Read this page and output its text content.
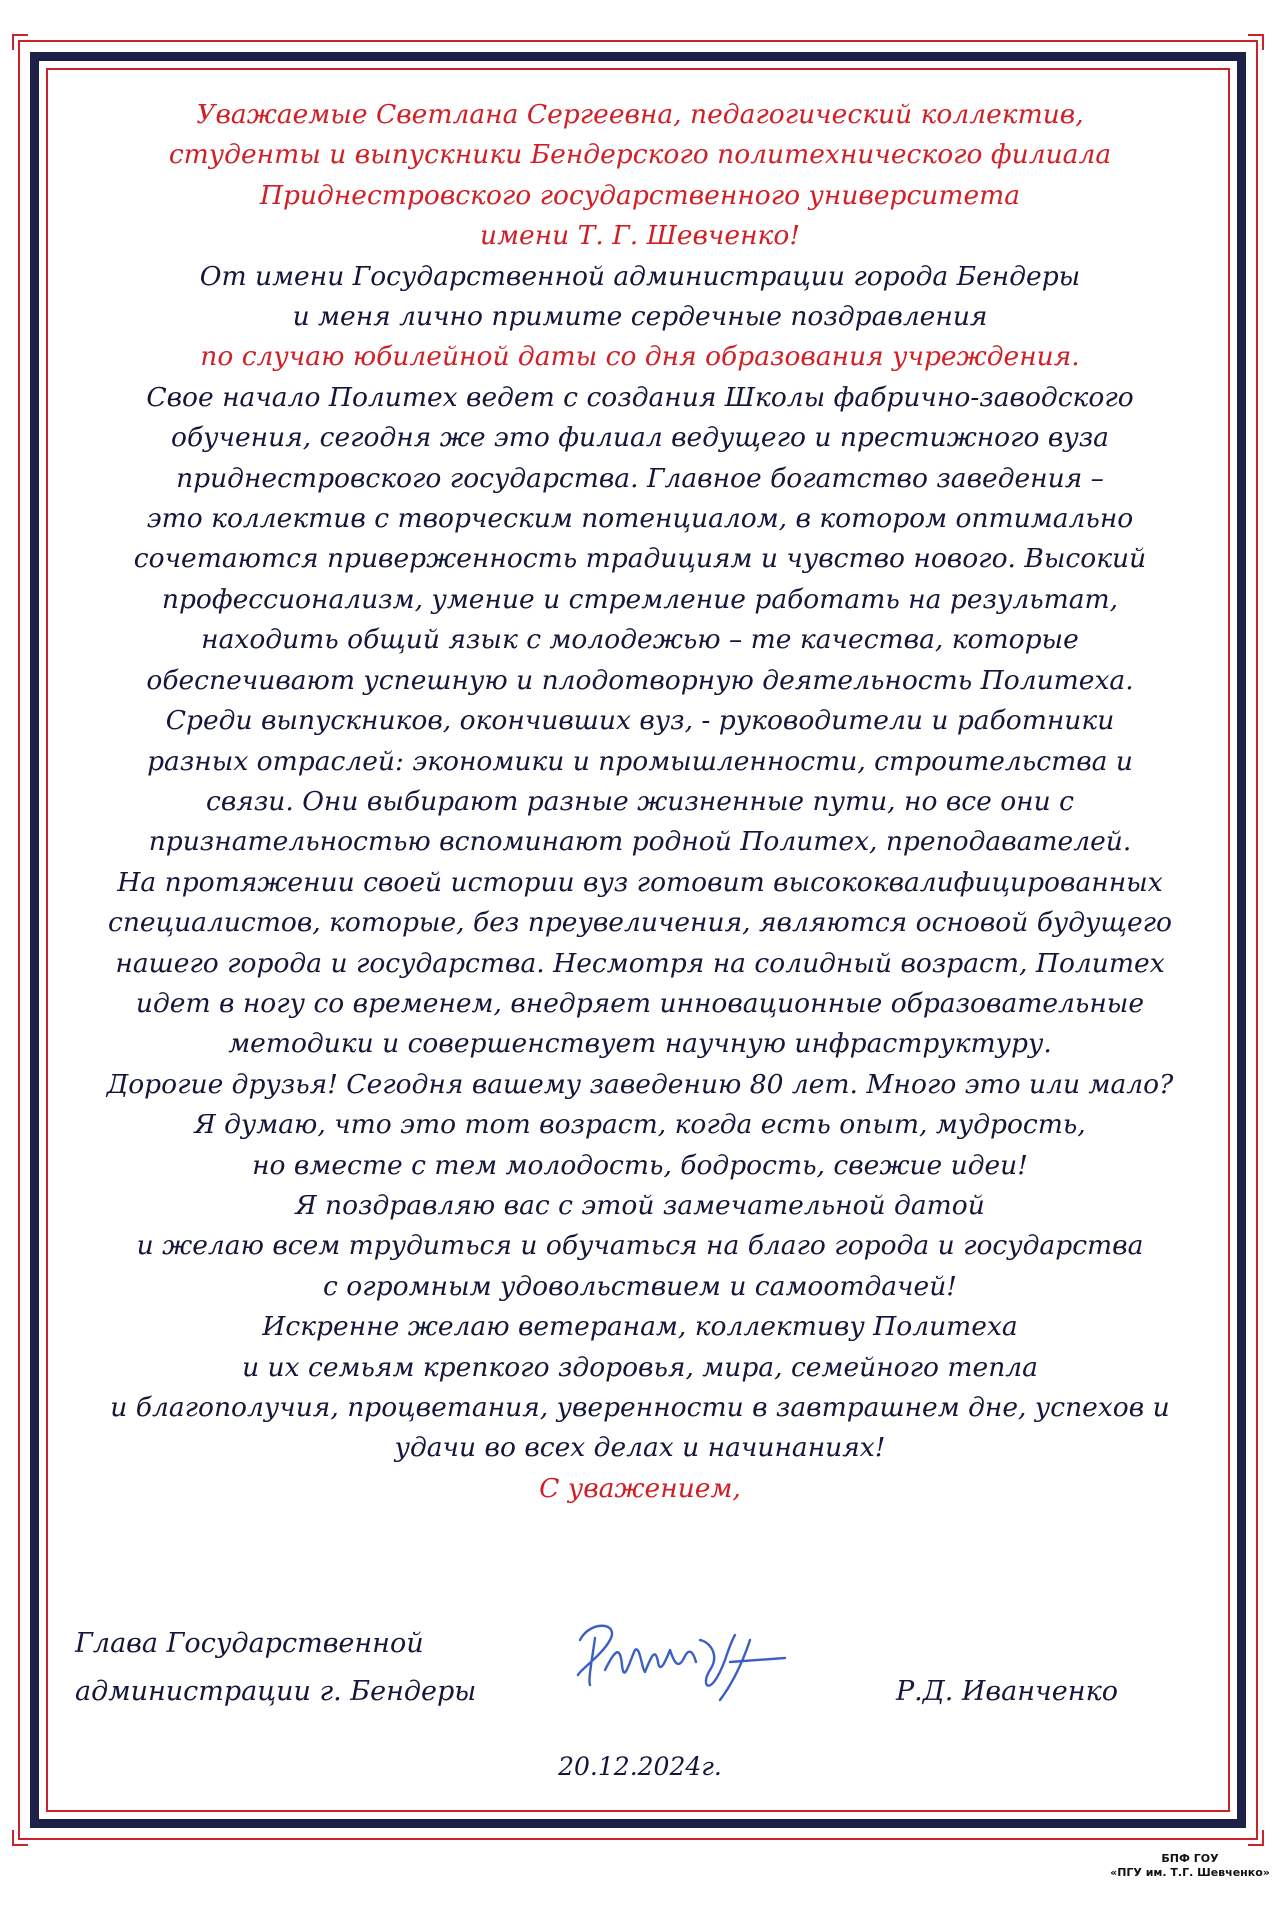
Уважаемые Светлана Сергеевна, педагогический коллектив,
студенты и выпускники Бендерского политехнического филиала
Приднестровского государственного университета
имени Т. Г. Шевченко!
От имени Государственной администрации города Бендеры
и меня лично примите сердечные поздравления
по случаю юбилейной даты со дня образования учреждения.
Свое начало Политех ведет с создания Школы фабрично-заводского
обучения, сегодня же это филиал ведущего и престижного вуза
приднестровского государства. Главное богатство заведения –
это коллектив с творческим потенциалом, в котором оптимально
сочетаются приверженность традициям и чувство нового. Высокий
профессионализм, умение и стремление работать на результат,
находить общий язык с молодежью – те качества, которые
обеспечивают успешную и плодотворную деятельность Политеха.
Среди выпускников, окончивших вуз, - руководители и работники
разных отраслей: экономики и промышленности, строительства и
связи. Они выбирают разные жизненные пути, но все они с
признательностью вспоминают родной Политех, преподавателей.
На протяжении своей истории вуз готовит высококвалифицированных
специалистов, которые, без преувеличения, являются основой будущего
нашего города и государства. Несмотря на солидный возраст, Политех
идет в ногу со временем, внедряет инновационные образовательные
методики и совершенствует научную инфраструктуру.
Дорогие друзья! Сегодня вашему заведению 80 лет. Много это или мало?
Я думаю, что это тот возраст, когда есть опыт, мудрость,
но вместе с тем молодость, бодрость, свежие идеи!
Я поздравляю вас с этой замечательной датой
и желаю всем трудиться и обучаться на благо города и государства
с огромным удовольствием и самоотдачей!
Искренне желаю ветеранам, коллективу Политеха
и их семьям крепкого здоровья, мира, семейного тепла
и благополучия, процветания, уверенности в завтрашнем дне, успехов и
удачи во всех делах и начинаниях!
С уважением,
Глава Государственной
администрации г. Бендеры	Р.Д. Иванченко
20.12.2024г.
БПФ ГОУ
«ПГУ им. Т.Г. Шевченко»
